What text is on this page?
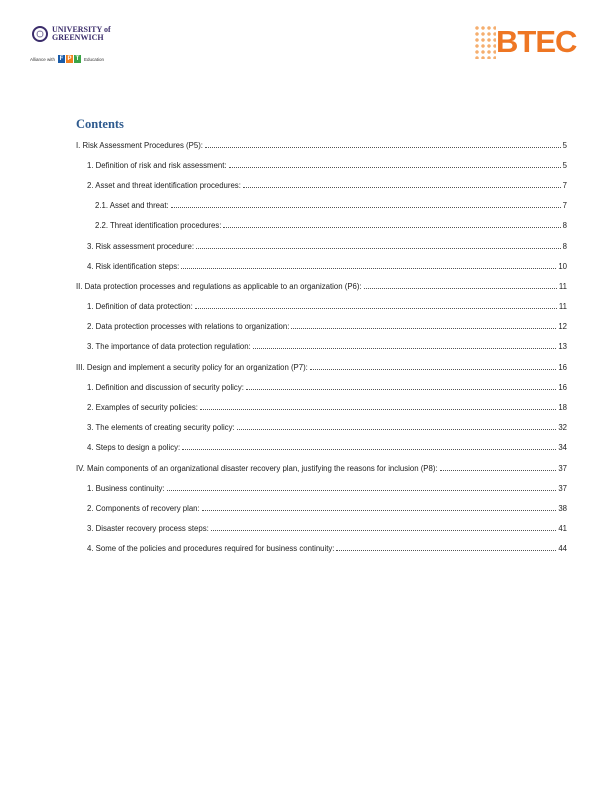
UNIVERSITY of
GREENWICH
Alliance with F P T	Education	BTEC
Contents
I. Risk Assessment Procedures (P5):	5
1. Definition of risk and risk assessment:	5
2. Asset and threat identification procedures:	7
2.1. Asset and threat:	7
2.2. Threat identification procedures:	8
3. Risk assessment procedure:	8
4. Risk identification steps:	10
II. Data protection processes and regulations as applicable to an organization (P6):	11
1. Definition of data protection:	11
2. Data protection processes with relations to organization:	12
3. The importance of data protection regulation:	13
III. Design and implement a security policy for an organization (P7):	16
1. Definition and discussion of security policy:	16
2. Examples of security policies:	18
3. The elements of creating security policy:	32
4. Steps to design a policy:	34
IV. Main components of an organizational disaster recovery plan, justifying the reasons for inclusion (P8):	37
1. Business continuity:	37
2. Components of recovery plan:	38
3. Disaster recovery process steps:	41
4. Some of the policies and procedures required for business continuity:	44
